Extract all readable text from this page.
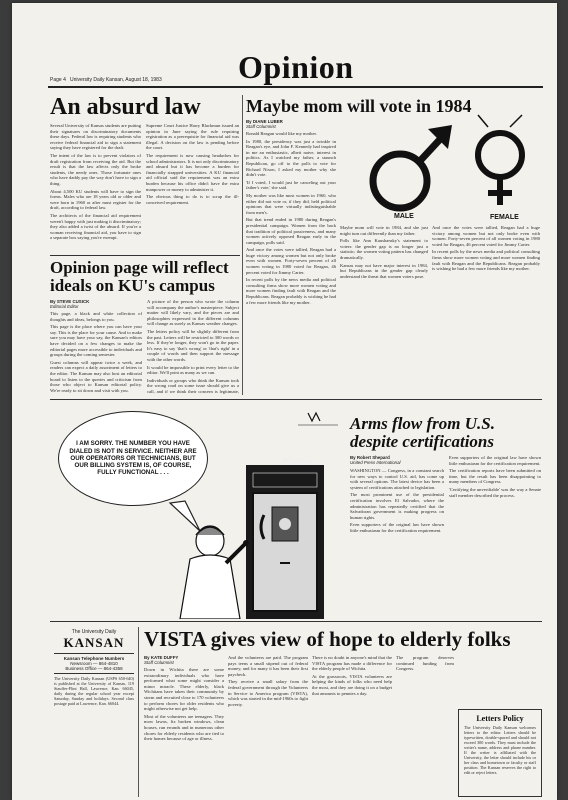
Page 4 University Daily Kansan, August 18, 1983 Opinion
An absurd law

Several University of Kansas students are putting their signatures on discriminatory documents these days. Federal law is requiring students who receive federal financial aid to sign a statement saying they have registered for the draft.

The intent of the law is to prevent violators of draft registration from receiving the aid. But the result is that the law affects only the broke students, the needy ones. Those fortunate ones who have daddy pay the way don't have to sign a thing.

About 4,500 KU students will have to sign the forms. Males who are 18 years old or older and were born in 1960 or after must register for the draft, according to federal law.

The architects of the financial aid requirement weren't happy with just making it discriminatory; they also added a twist of the absurd. If you're a woman receiving financial aid, you have to sign a separate box saying you're exempt.

Supreme Court Justice Harry Blackmun issued an opinion in June saying the rule requiring registration as a prerequisite for financial aid was illegal. A decision on the law is pending before the court.

The requirement is now causing headaches for school administrators. It is not only discriminatory and absurd but it has become a burden for financially strapped universities. A KU financial aid official said the requirement was an extra burden because his office didn't have the extra manpower or money to administer it.

The obvious thing to do is to scrap the ill-conceived requirement.

Opinion page will reflect ideals on KU's campus
By STEVE CUSICK
Editorial Editor

This page, a black and white collection of thoughts and ideas, belongs to you.

This page is the place where you can have your say. This is the place for your cause. And to make sure you may have your say, the Kansan's editors have decided on a few changes to make the editorial pages more accessible to individuals and groups during the coming semester.

Guest columns will appear twice a week, and readers can expect a daily assortment of letters to the editor. The Kansan may also host an editorial board to listen to the queries and criticism from those who object to Kansan editorial policy. We're ready to sit down and visit with you.

A picture of the person who wrote the column will accompany the author's masterpiece. Subject matter will likely vary, and the pieces are and philosophies expressed in the different columns will change as surely as Kansas weather changes.

The letters policy will be slightly different from the past. Letters will be restricted to 300 words or less. If they're longer, they won't go in the paper. It's easy to say 'that's wrong' or 'that's right' in a couple of words and then support the message with the other words.

It would be impossible to print every letter to the editor. We'll print as many as we can.

Individuals or groups who think the Kansan took the wrong road on some issue should give us a call, and if we think their concern is legitimate,

Maybe mom will vote in 1984
By DIANE LUBER
Staff Columnist

Ronald Reagan would like my mother.

In 1980, the presidency was just a twinkle in Reagan's eye, and John F. Kennedy had inspired in me an enthusiastic, albeit naive, interest in politics. As I watched my father, a staunch Republican, go off to the polls to vote for Richard Nixon, I asked my mother why she didn't vote.

'If I voted, I would just be canceling out your father's vote,' she said.

My mother was like most women in 1960, who either did not vote or, if they did, held political opinions that were virtually indistinguishable from men's.

But that trend ended in 1980 during Reagan's presidential campaign. Women from the back that tradition of political passiveness, and many women actively opposed Reagan early in the campaign, polls said.

And once the votes were tallied, Reagan had a huge victory among women but not only broke even with women. Forty-seven percent of all women voting in 1980 voted for Reagan, 46 percent voted for Jimmy Carter.

In recent polls by the news media and political consulting firms show more women voting and more women finding fault with Reagan and the Republicans. Reagan probably is wishing he had a few more friends like my mother.

Maybe mom will vote in 1984, and she just might turn out differently than my father.

Polls like Ann Kaushansky's statement to voters: the gender gap is no longer just a statistic; the women voting pattern has changed dramatically.

Kansas may not have major interest in 1984, but Republicans in the gender gap clearly understand the threat that women voters pose.

And once the votes were tallied, Reagan had a huge victory among women but not only broke even with women. Forty-seven percent of all women voting in 1980 voted for Reagan, 46 percent voted for Jimmy Carter.

In recent polls by the news media and political consulting firms show more women voting and more women finding fault with Reagan and the Republicans. Reagan probably is wishing he had a few more friends like my mother.

MALE	FEMALE
I AM SORRY. THE NUMBER YOU HAVE DIALED IS NOT IN SERVICE. NEITHER ARE OUR OPERATORS OR TECHNICIANS, BUT OUR BILLING SYSTEM IS, OF COURSE, FULLY FUNCTIONAL . . .
Phone
Arms flow from U.S. despite certifications
By Robert Shepard
United Press International

WASHINGTON — Congress, in a constant search for new ways to control U.S. aid, has come up with several options. The latest device has been a system of certifications attached to legislation.

The most prominent use of the presidential certification involves El Salvador, where the administration has repeatedly certified that the Salvadoran government is making progress on human rights.

Even supporters of the original law have shown little enthusiasm for the certification requirement.

Even supporters of the original law have shown little enthusiasm for the certification requirement.

The certification reports have been submitted on time, but the result has been disappointing to many members of Congress.

'Certifying the unverifiable' was the way a Senate staff member described the process.

The University Daily
KANSAN
Kansan Telephone Numbers
Newsroom — 864-4810
Business Office — 864-4358
The University Daily Kansan (USPS 650-640) is published at the University of Kansas, 119 Stauffer-Flint Hall, Lawrence, Kan. 66045, daily during the regular school year except Saturday, Sunday and holidays. Second class postage paid at Lawrence, Kan. 66044.
VISTA gives view of hope to elderly folks
By KATE DUFFY
Staff Columnist

Down in Wichita there are some extraordinary individuals who have performed what some might consider a minor miracle. These elderly, black Wichitans have taken their community by storm and recruited close to 170 volunteers to perform chores for older residents who might otherwise not get help.

Most of the volunteers are teenagers. They mow lawns, fix broken windows, clean houses, run errands and in numerous other chores for elderly residents who are tied to their homes because of age or illness.

And the volunteers are paid. The program pays teens a small stipend out of federal money, and for many it has been their first paycheck.

They receive a small salary from the federal government through the Volunteers in Service to America program (VISTA), which was started in the mid-1960s to fight poverty.

There is no doubt in anyone's mind that the VISTA program has made a difference for the elderly people of Wichita.

At the grassroots, VISTA volunteers are helping the kinds of folks who need help the most, and they are doing it on a budget that amounts to pennies a day.

The program deserves continued funding from Congress.

Letters Policy
The University Daily Kansan welcomes letters to the editor. Letters should be typewritten, double-spaced and should not exceed 300 words. They must include the writer's name, address and phone number. If the writer is affiliated with the University, the letter should include his or her class and hometown or faculty or staff position. The Kansan reserves the right to edit or reject letters.
